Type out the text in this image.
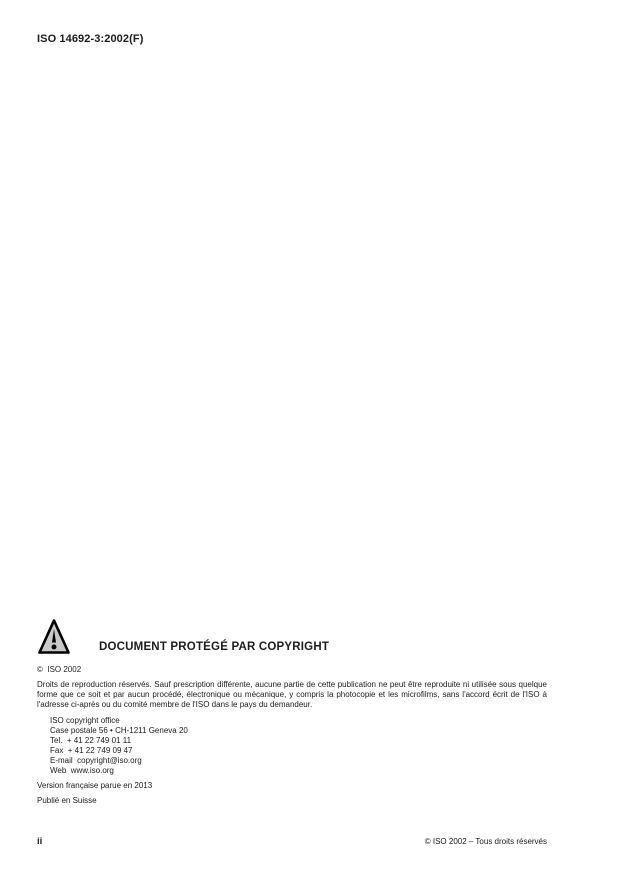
ISO 14692-3:2002(F)
DOCUMENT PROTÉGÉ PAR COPYRIGHT
©  ISO 2002
Droits de reproduction réservés. Sauf prescription différente, aucune partie de cette publication ne peut être reproduite ni utilisée sous quelque forme que ce soit et par aucun procédé, électronique ou mécanique, y compris la photocopie et les microfilms, sans l'accord écrit de l'ISO à l'adresse ci-après ou du comité membre de l'ISO dans le pays du demandeur.
ISO copyright office
Case postale 56 • CH-1211 Geneva 20
Tel.  + 41 22 749 01 11
Fax  + 41 22 749 09 47
E-mail  copyright@iso.org
Web  www.iso.org
Version française parue en 2013
Publié en Suisse
ii	© ISO 2002 – Tous droits réservés
